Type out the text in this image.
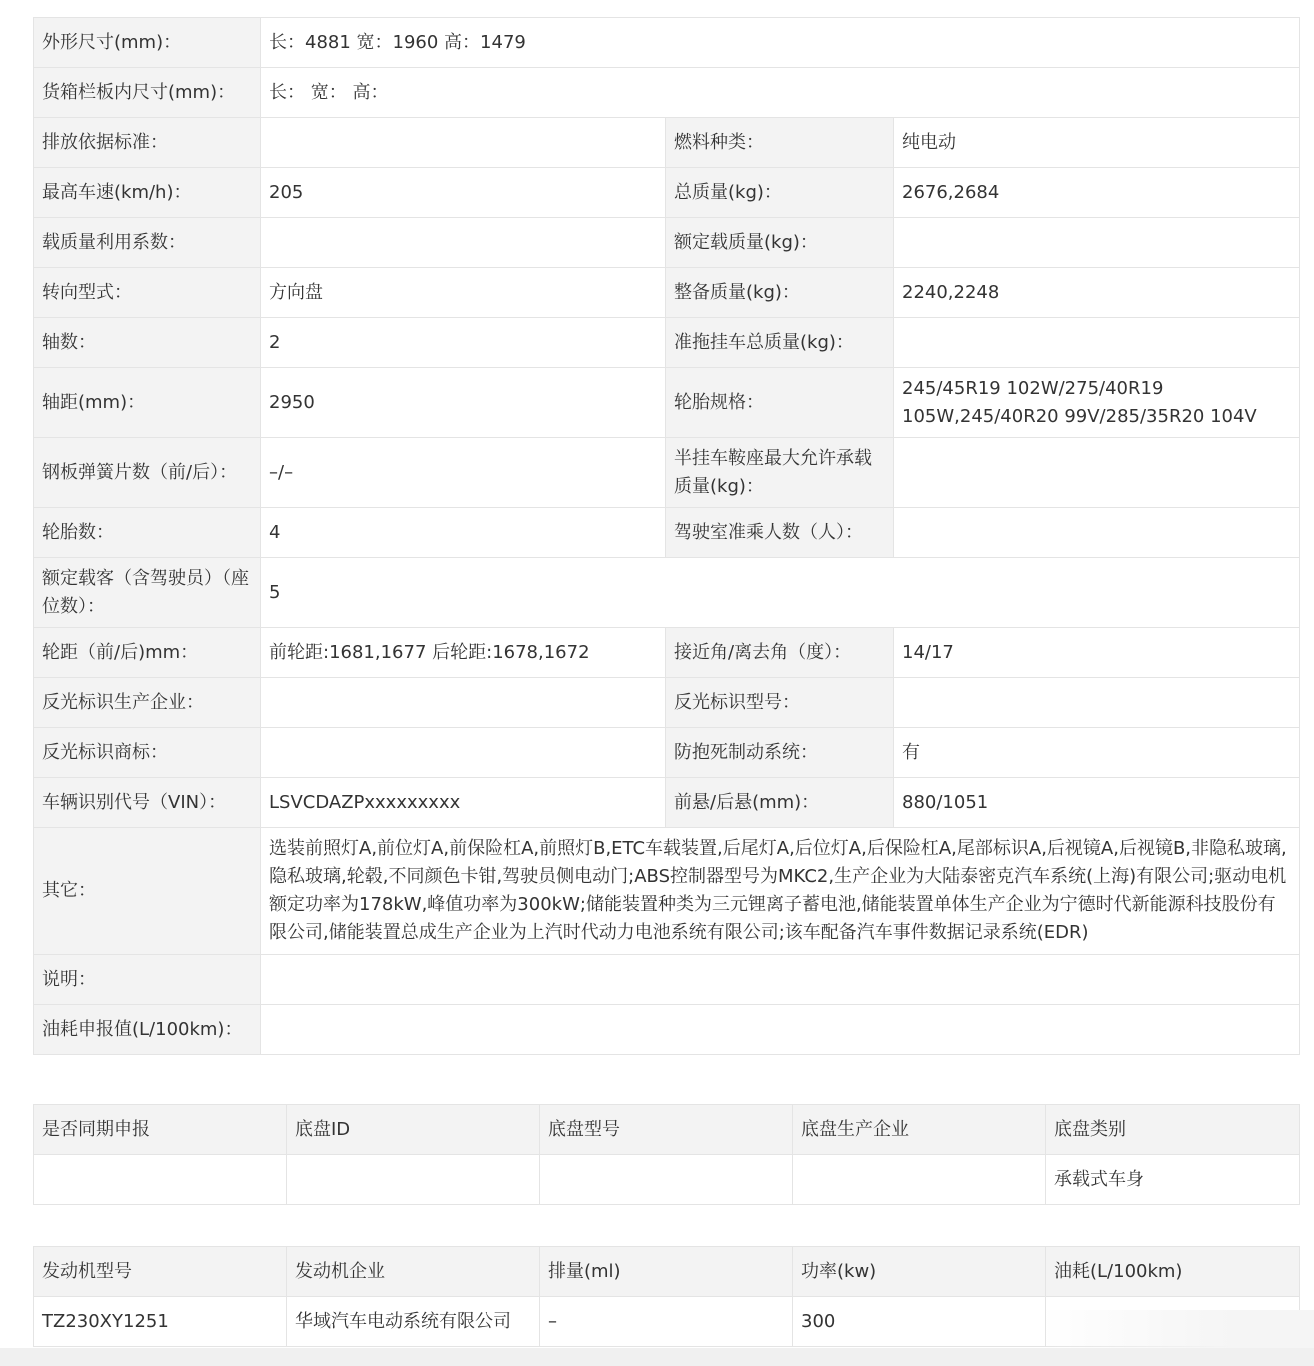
外形尺寸(mm)：	长：4881 宽：1960 高：1479		
货箱栏板内尺寸(mm)：	长： 宽： 高：		
排放依据标准：		燃料种类：	纯电动
最高车速(km/h)：	205	总质量(kg)：	2676,2684
载质量利用系数：		额定载质量(kg)：	
转向型式：	方向盘	整备质量(kg)：	2240,2248
轴数：	2	准拖挂车总质量(kg)：	
轴距(mm)：	2950	轮胎规格：	245/45R19 102W/275/40R19 105W,245/40R20 99V/285/35R20 104V
钢板弹簧片数（前/后）：	–/–	半挂车鞍座最大允许承载质量(kg)：	
轮胎数：	4	驾驶室准乘人数（人）：	
额定载客（含驾驶员）（座位数）：	5		
轮距（前/后)mm：	前轮距:1681,1677 后轮距:1678,1672	接近角/离去角（度）：	14/17
反光标识生产企业：		反光标识型号：	
反光标识商标：		防抱死制动系统：	有
车辆识别代号（VIN）：	LSVCDAZPxxxxxxxxx	前悬/后悬(mm)：	880/1051
其它：	选装前照灯A,前位灯A,前保险杠A,前照灯B,ETC车载装置,后尾灯A,后位灯A,后保险杠A,尾部标识A,后视镜A,后视镜B,非隐私玻璃,隐私玻璃,轮毂,不同颜色卡钳,驾驶员侧电动门;ABS控制器型号为MKC2,生产企业为大陆泰密克汽车系统(上海)有限公司;驱动电机额定功率为178kW,峰值功率为300kW;储能装置种类为三元锂离子蓄电池,储能装置单体生产企业为宁德时代新能源科技股份有限公司,储能装置总成生产企业为上汽时代动力电池系统有限公司;该车配备汽车事件数据记录系统(EDR)		
说明：			
油耗申报值(L/100km)：			
是否同期申报	底盘ID	底盘型号	底盘生产企业	底盘类别
				承载式车身
发动机型号	发动机企业	排量(ml)	功率(kw)	油耗(L/100km)
TZ230XY1251	华域汽车电动系统有限公司	–	300	
